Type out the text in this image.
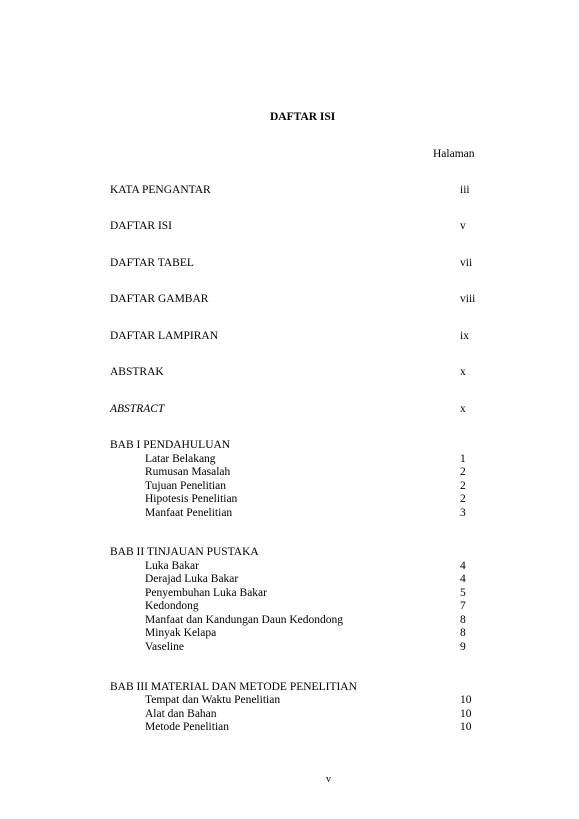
DAFTAR ISI
Halaman
KATA PENGANTAR	iii
DAFTAR ISI	v
DAFTAR TABEL	vii
DAFTAR GAMBAR	viii
DAFTAR LAMPIRAN	ix
ABSTRAK	x
ABSTRACT	x
BAB I PENDAHULUAN
Latar Belakang	1
Rumusan Masalah	2
Tujuan Penelitian	2
Hipotesis Penelitian	2
Manfaat Penelitian	3
BAB II TINJAUAN PUSTAKA
Luka Bakar	4
Derajad Luka Bakar	4
Penyembuhan Luka Bakar	5
Kedondong	7
Manfaat dan Kandungan Daun Kedondong	8
Minyak Kelapa	8
Vaseline	9
BAB III MATERIAL DAN METODE PENELITIAN
Tempat dan Waktu Penelitian	10
Alat dan Bahan	10
Metode Penelitian	10
v
